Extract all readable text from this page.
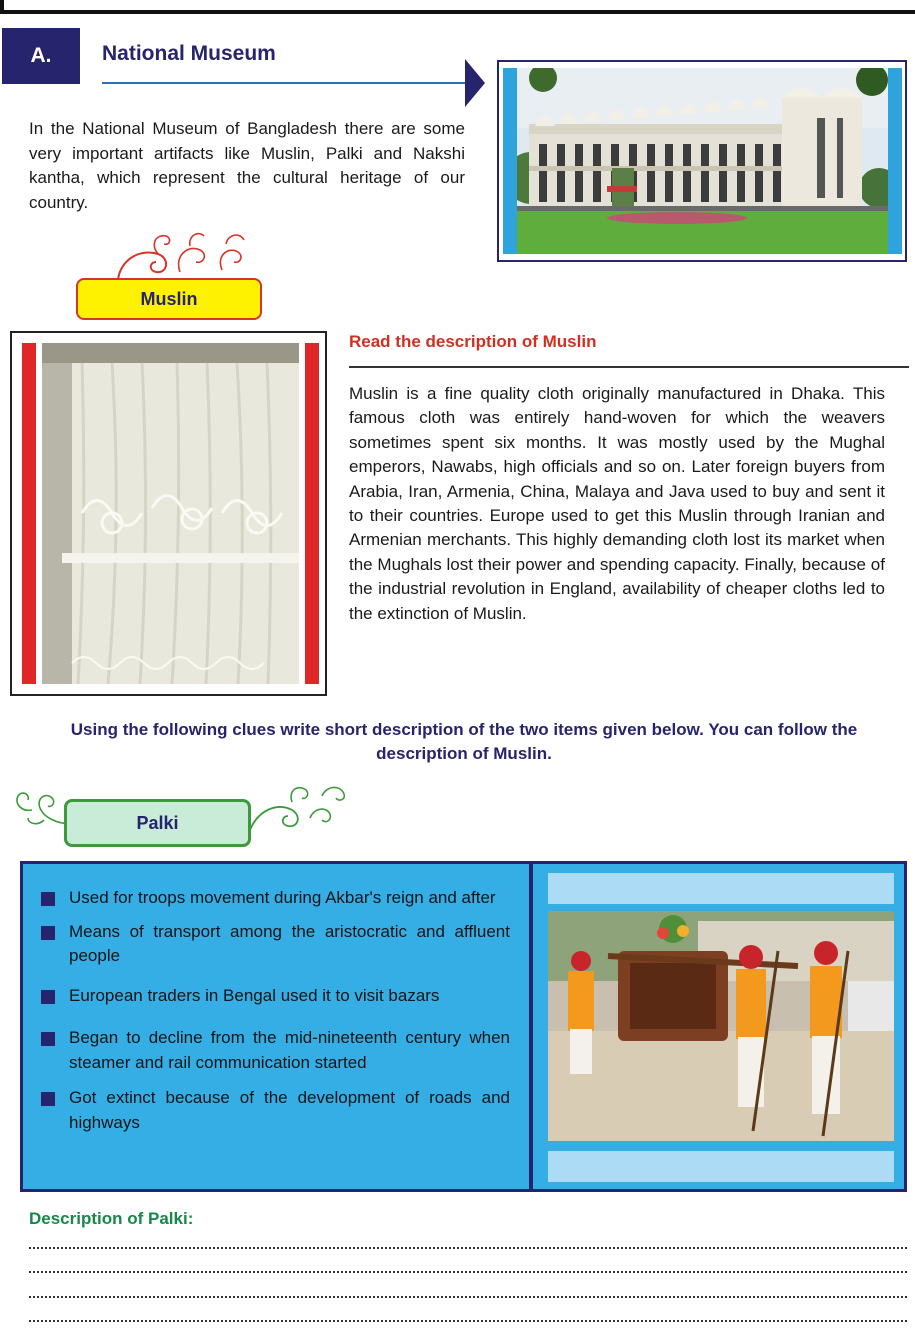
A.	National Museum
In the National Museum of Bangladesh there are some very important artifacts like Muslin, Palki and Nakshi kantha, which represent the cultural heritage of our country.
Muslin
Read the description of Muslin
Muslin is a fine quality cloth originally manufactured in Dhaka. This famous cloth was entirely hand-woven for which the weavers sometimes spent six months. It was mostly used by the Mughal emperors, Nawabs, high officials and so on. Later foreign buyers from Arabia, Iran, Armenia, China, Malaya and Java used to buy and sent it to their countries. Europe used to get this Muslin through Iranian and Armenian merchants. This highly demanding cloth lost its market when the Mughals lost their power and spending capacity. Finally, because of the industrial revolution in England, availability of cheaper cloths led to the extinction of Muslin.
Using the following clues write short description of the two items given below. You can follow the description of Muslin.
Palki
Used for troops movement during Akbar's reign and after
Means of transport among the aristocratic and affluent people
European traders in Bengal used it to visit bazars
Began to decline from the mid-nineteenth century when steamer and rail communication started
Got extinct because of the development of roads and highways
Description of Palki:
